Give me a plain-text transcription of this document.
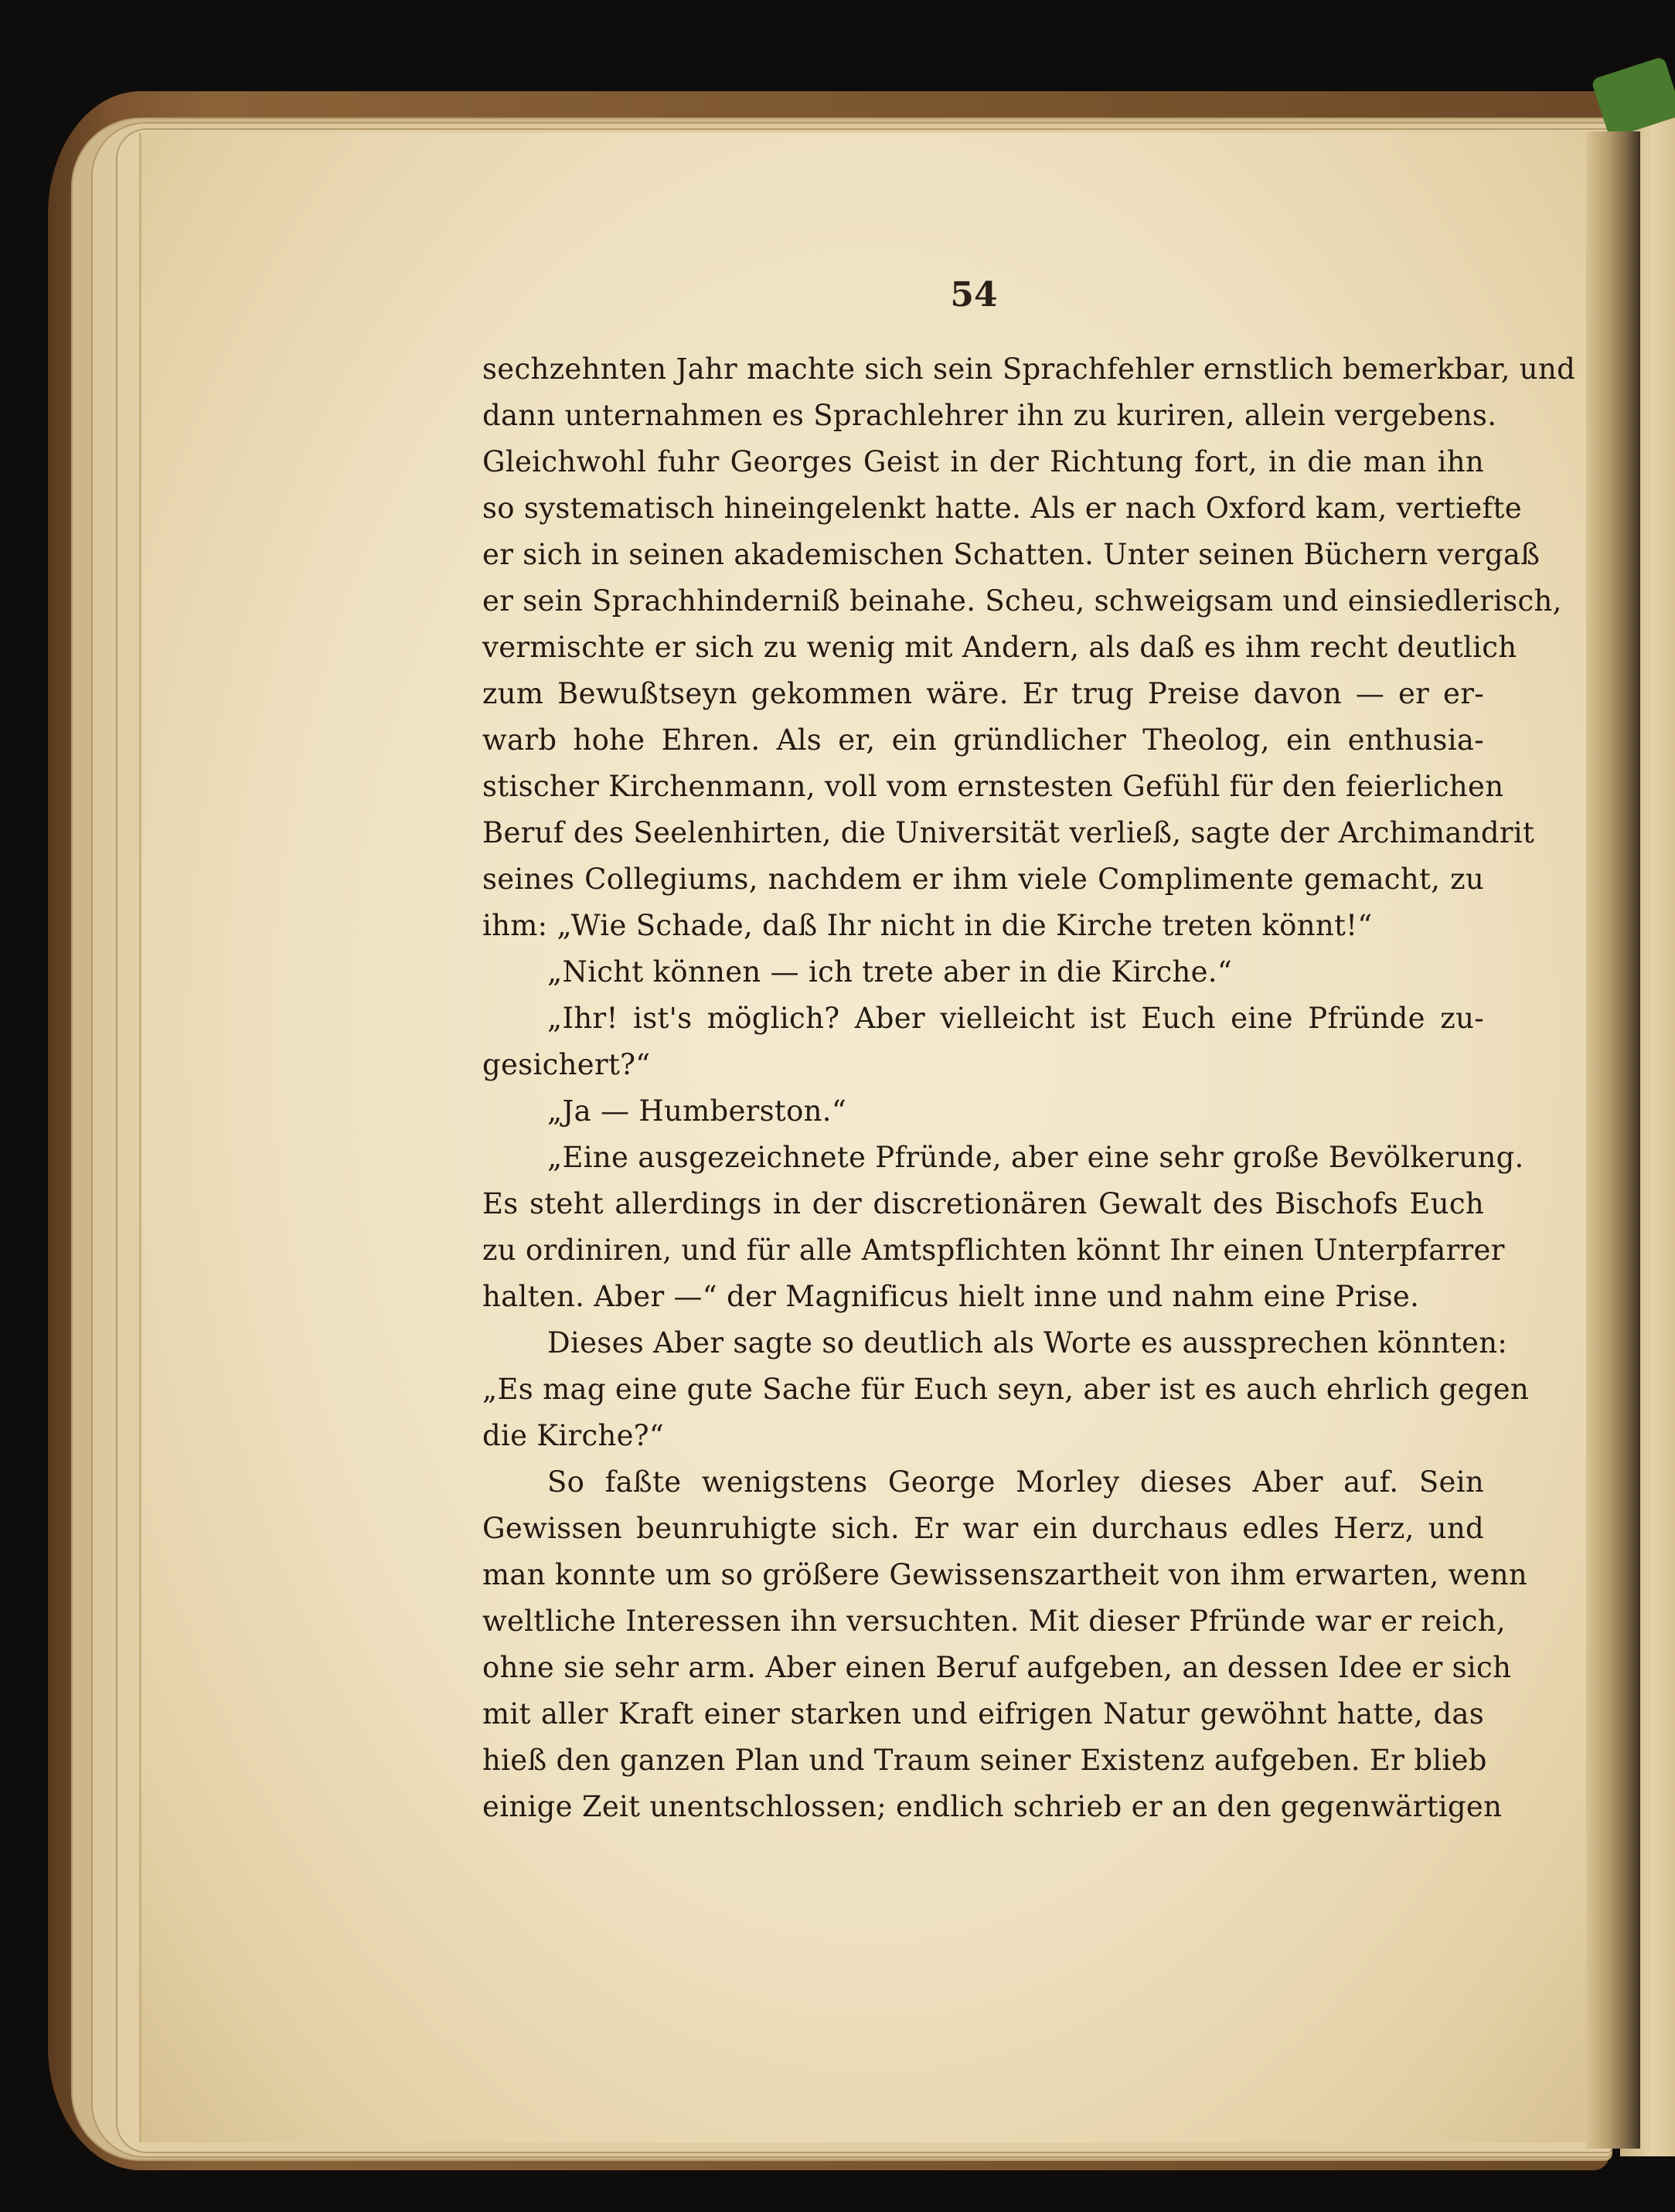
54
sechzehnten Jahr machte sich sein Sprachfehler ernstlich bemerkbar, und
dann unternahmen es Sprachlehrer ihn zu kuriren, allein vergebens.
Gleichwohl fuhr Georges Geist in der Richtung fort, in die man ihn
so systematisch hineingelenkt hatte. Als er nach Oxford kam, vertiefte
er sich in seinen akademischen Schatten. Unter seinen Büchern vergaß
er sein Sprachhinderniß beinahe. Scheu, schweigsam und einsiedlerisch,
vermischte er sich zu wenig mit Andern, als daß es ihm recht deutlich
zum Bewußtseyn gekommen wäre. Er trug Preise davon — er er-
warb hohe Ehren. Als er, ein gründlicher Theolog, ein enthusia-
stischer Kirchenmann, voll vom ernstesten Gefühl für den feierlichen
Beruf des Seelenhirten, die Universität verließ, sagte der Archimandrit
seines Collegiums, nachdem er ihm viele Complimente gemacht, zu
ihm: „Wie Schade, daß Ihr nicht in die Kirche treten könnt!“
„Nicht können — ich trete aber in die Kirche.“
„Ihr! ist's möglich? Aber vielleicht ist Euch eine Pfründe zu-
gesichert?“
„Ja — Humberston.“
„Eine ausgezeichnete Pfründe, aber eine sehr große Bevölkerung.
Es steht allerdings in der discretionären Gewalt des Bischofs Euch
zu ordiniren, und für alle Amtspflichten könnt Ihr einen Unterpfarrer
halten. Aber —“ der Magnificus hielt inne und nahm eine Prise.
Dieses Aber sagte so deutlich als Worte es aussprechen könnten:
„Es mag eine gute Sache für Euch seyn, aber ist es auch ehrlich gegen
die Kirche?“
So faßte wenigstens George Morley dieses Aber auf. Sein
Gewissen beunruhigte sich. Er war ein durchaus edles Herz, und
man konnte um so größere Gewissenszartheit von ihm erwarten, wenn
weltliche Interessen ihn versuchten. Mit dieser Pfründe war er reich,
ohne sie sehr arm. Aber einen Beruf aufgeben, an dessen Idee er sich
mit aller Kraft einer starken und eifrigen Natur gewöhnt hatte, das
hieß den ganzen Plan und Traum seiner Existenz aufgeben. Er blieb
einige Zeit unentschlossen; endlich schrieb er an den gegenwärtigen
